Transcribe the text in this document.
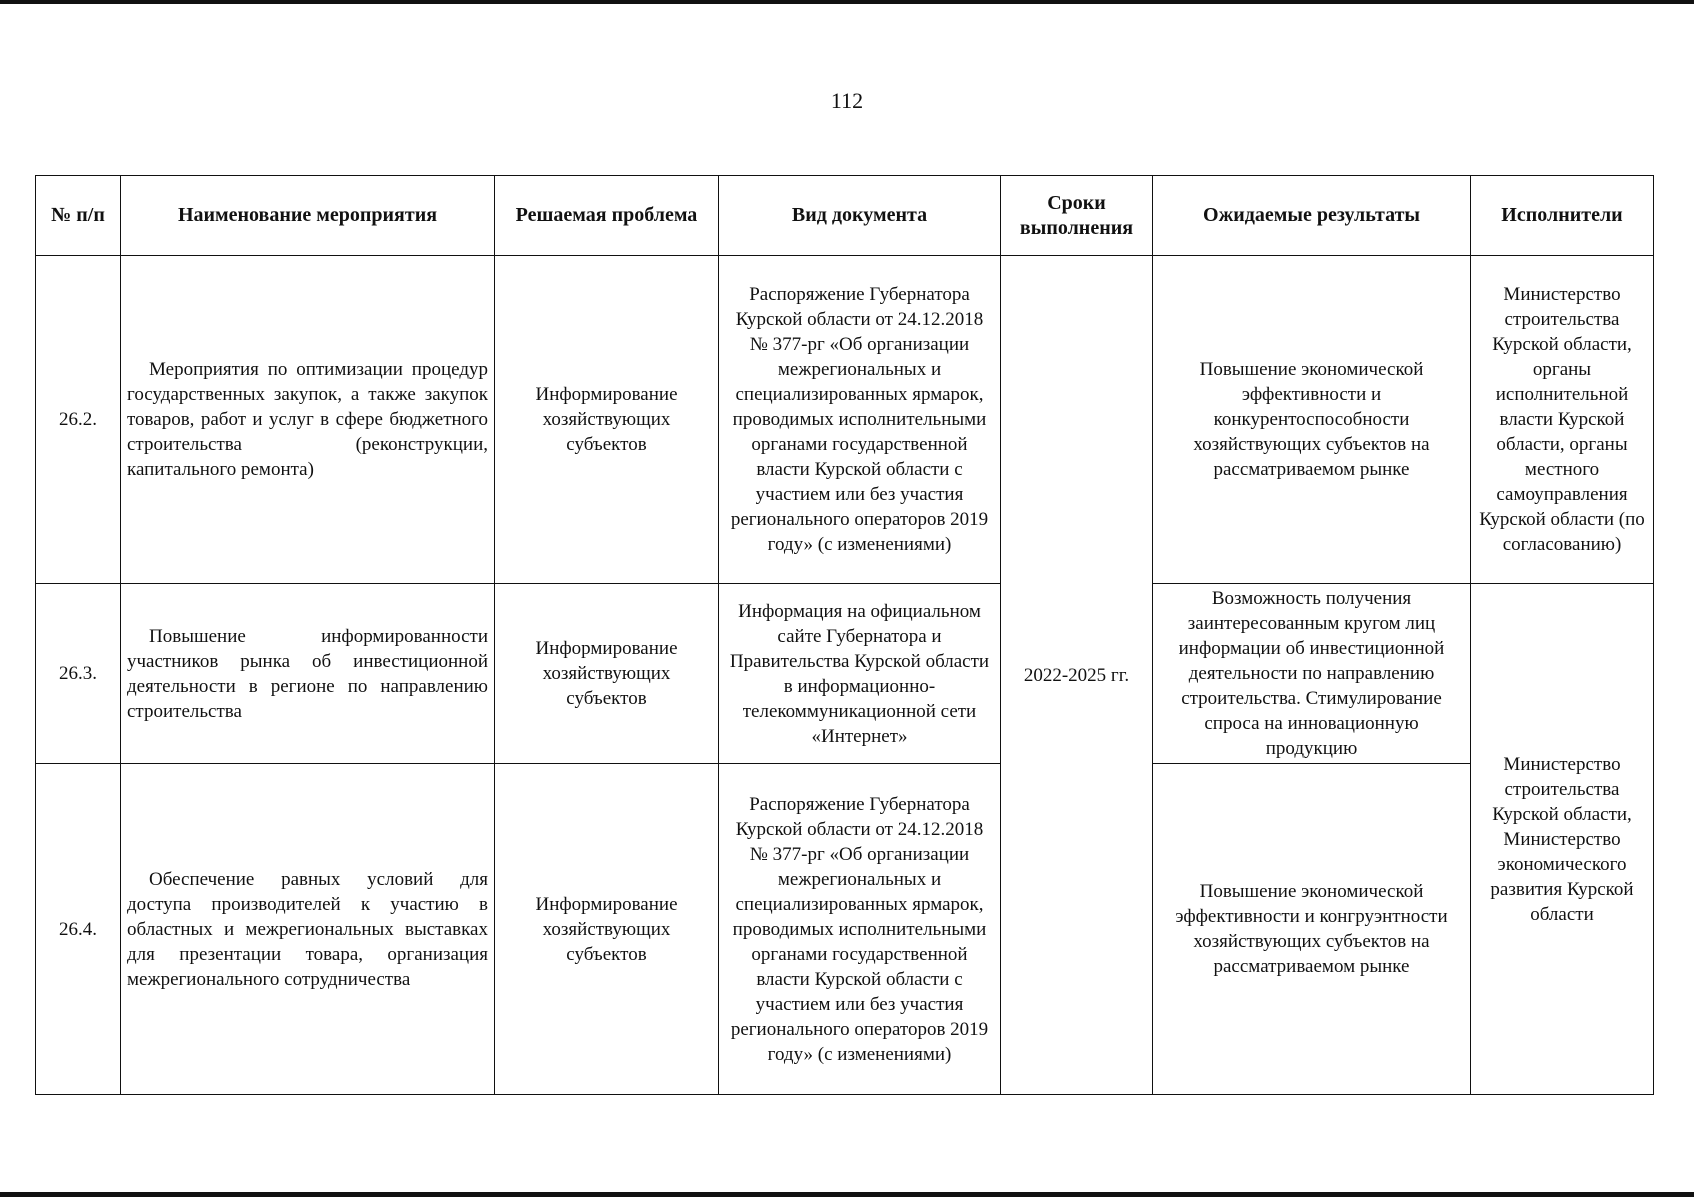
112
№ п/п	Наименование мероприятия	Решаемая проблема	Вид документа	Сроки выполнения	Ожидаемые результаты	Исполнители
26.2.	Мероприятия по оптимизации процедур государственных закупок, а также закупок товаров, работ и услуг в сфере бюджетного строительства (реконструкции, капитального ремонта)	Информирование хозяйствующих субъектов	Распоряжение Губернатора Курской области от 24.12.2018 № 377-рг «Об организации межрегиональных и специализированных ярмарок, проводимых исполнительными органами государственной власти Курской области с участием или без участия регионального операторов 2019 году» (с изменениями)	2022-2025 гг.	Повышение экономической эффективности и конкурентоспособности хозяйствующих субъектов на рассматриваемом рынке	Министерство строительства Курской области, органы исполнительной власти Курской области, органы местного самоуправления Курской области (по согласованию)
26.3.	Повышение информированности участников рынка об инвестиционной деятельности в регионе по направлению строительства	Информирование хозяйствующих субъектов	Информация на официальном сайте Губернатора и Правительства Курской области в информационно-телекоммуникационной сети «Интернет»		Возможность получения заинтересованным кругом лиц информации об инвестиционной деятельности по направлению строительства. Стимулирование спроса на инновационную продукцию	Министерство строительства Курской области, Министерство экономического развития Курской области
26.4.	Обеспечение равных условий для доступа производителей к участию в областных и межрегиональных выставках для презентации товара, организация межрегионального сотрудничества	Информирование хозяйствующих субъектов	Распоряжение Губернатора Курской области от 24.12.2018 № 377-рг «Об организации межрегиональных и специализированных ярмарок, проводимых исполнительными органами государственной власти Курской области с участием или без участия регионального операторов 2019 году» (с изменениями)		Повышение экономической эффективности и конгруэнтности хозяйствующих субъектов на рассматриваемом рынке	
